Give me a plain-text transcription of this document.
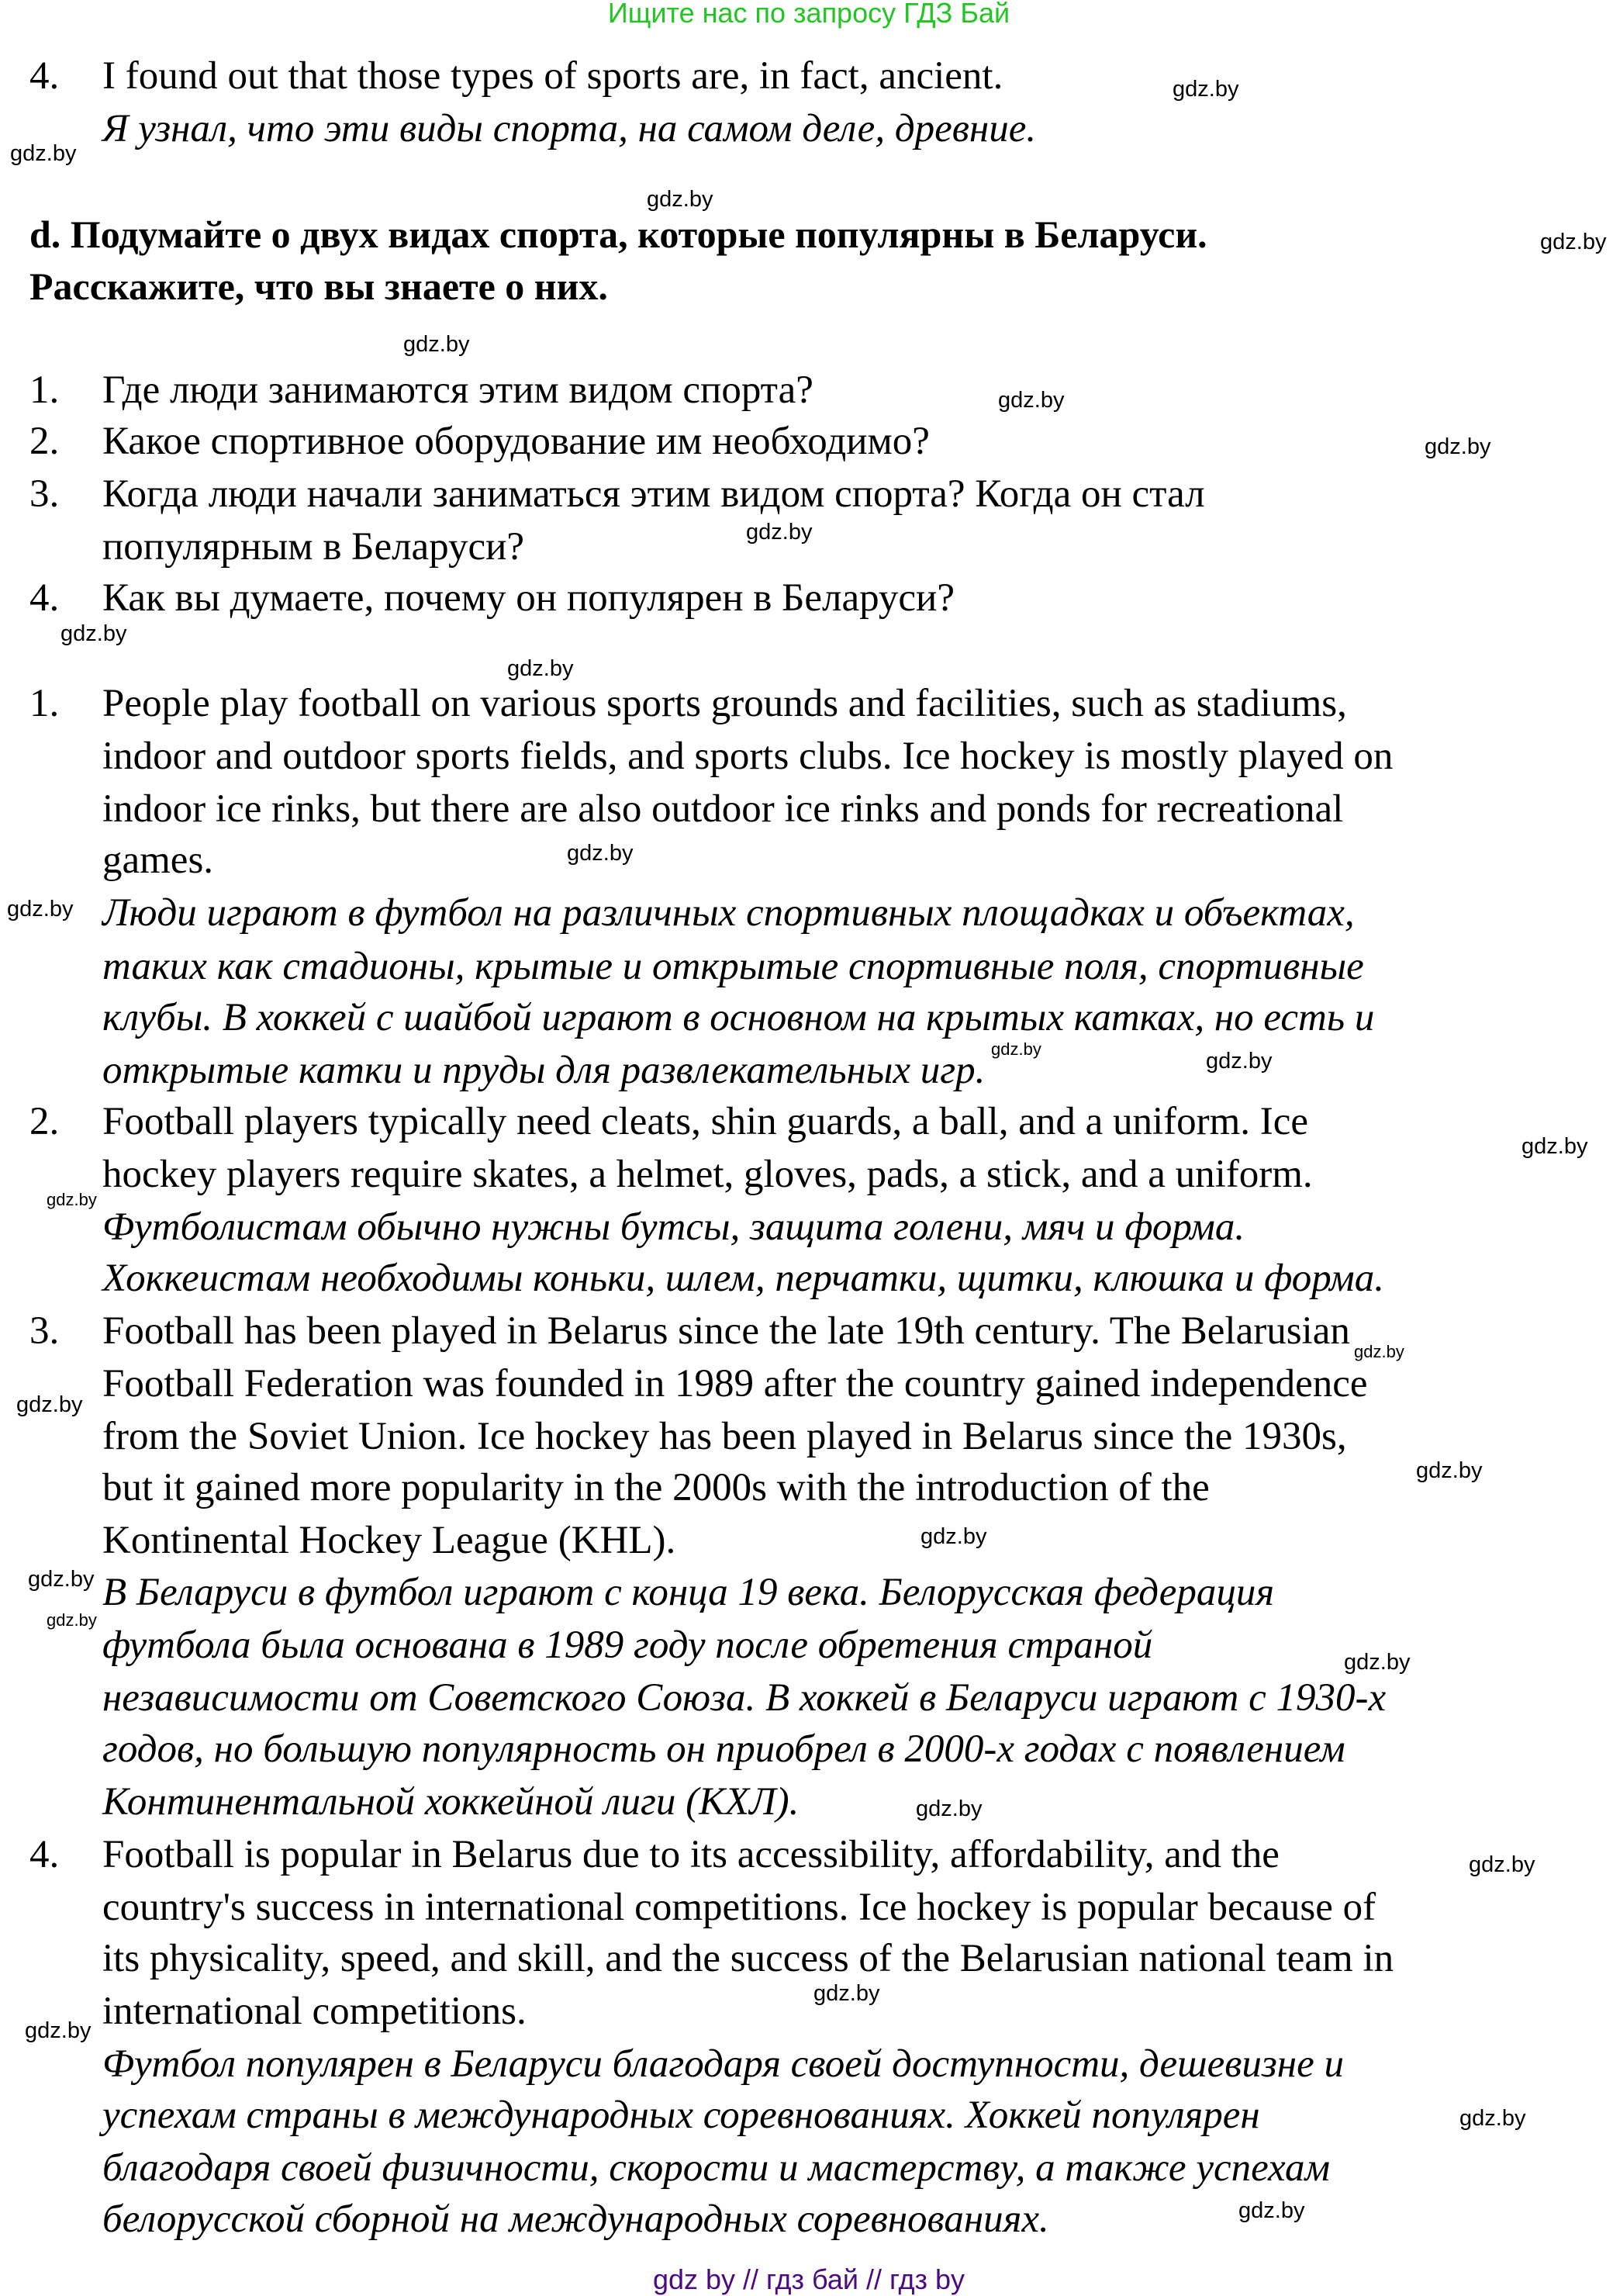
Ищите нас по запросу ГДЗ Бай
4. I found out that those types of sports are, in fact, ancient.
Я узнал, что эти виды спорта, на самом деле, древние.
d. Подумайте о двух видах спорта, которые популярны в Беларуси.
Расскажите, что вы знаете о них.
1. Где люди занимаются этим видом спорта?
2. Какое спортивное оборудование им необходимо?
3. Когда люди начали заниматься этим видом спорта? Когда он стал
популярным в Беларуси?
4. Как вы думаете, почему он популярен в Беларуси?
1. People play football on various sports grounds and facilities, such as stadiums,
indoor and outdoor sports fields, and sports clubs. Ice hockey is mostly played on
indoor ice rinks, but there are also outdoor ice rinks and ponds for recreational
games.
Люди играют в футбол на различных спортивных площадках и объектах,
таких как стадионы, крытые и открытые спортивные поля, спортивные
клубы. В хоккей с шайбой играют в основном на крытых катках, но есть и
открытые катки и пруды для развлекательных игр.
2. Football players typically need cleats, shin guards, a ball, and a uniform. Ice
hockey players require skates, a helmet, gloves, pads, a stick, and a uniform.
Футболистам обычно нужны бутсы, защита голени, мяч и форма.
Хоккеистам необходимы коньки, шлем, перчатки, щитки, клюшка и форма.
3. Football has been played in Belarus since the late 19th century. The Belarusian
Football Federation was founded in 1989 after the country gained independence
from the Soviet Union. Ice hockey has been played in Belarus since the 1930s,
but it gained more popularity in the 2000s with the introduction of the
Kontinental Hockey League (KHL).
В Беларуси в футбол играют с конца 19 века. Белорусская федерация
футбола была основана в 1989 году после обретения страной
независимости от Советского Союза. В хоккей в Беларуси играют с 1930-х
годов, но большую популярность он приобрел в 2000-х годах с появлением
Континентальной хоккейной лиги (КХЛ).
4. Football is popular in Belarus due to its accessibility, affordability, and the
country's success in international competitions. Ice hockey is popular because of
its physicality, speed, and skill, and the success of the Belarusian national team in
international competitions.
Футбол популярен в Беларуси благодаря своей доступности, дешевизне и
успехам страны в международных соревнованиях. Хоккей популярен
благодаря своей физичности, скорости и мастерству, а также успехам
белорусской сборной на международных соревнованиях.
gdz.by
gdz.by
gdz.by
gdz.by
gdz.by
gdz.by
gdz.by
gdz.by
gdz.by
gdz.by
gdz.by
gdz.by
gdz.by	gdz.by
gdz.by
gdz.by
gdz.by
gdz.by
gdz.by
gdz.by
gdz.by
gdz.by
gdz.by
gdz.by
gdz.by
gdz.by
gdz.by
gdz.by
gdz.by
gdz by // гдз бай // гдз by
